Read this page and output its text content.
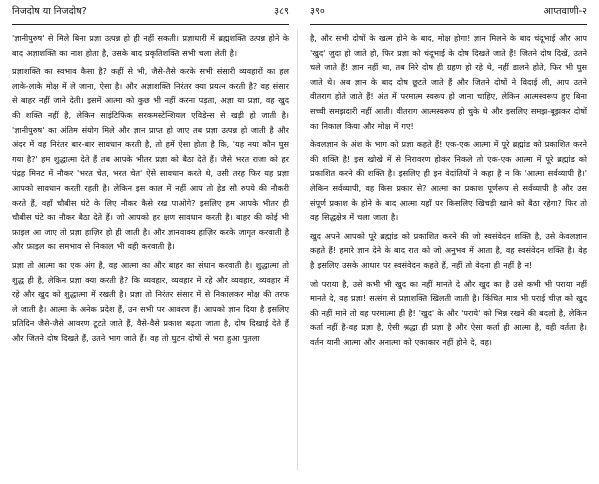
निजदोष या निजदोष?	३८९

'ज्ञानीपुरुष' से मिले बिना प्रज्ञा उत्पन्न हो ही नहीं सकती। प्रज्ञाधारी में ब्रह्मशक्ति उत्पन्न होने के बाद अज्ञाशक्ति का नाश होता है, उसके बाद प्रकृतिशक्ति सभी चला लेती है।

प्रज्ञाशक्ति का स्वभाव कैसा है? कहीं से भी, जैसे-तैसे करके सभी संसारी व्यवहारों का हल लाके-लाके मोक्ष में ले जाना, ऐसा है। और अज्ञाशक्ति निरंतर क्या प्रयत्न करती है? वह संसार से बाहर नहीं जाने देती। इसमें आत्मा को कुछ भी नहीं करना पड़ता, अज्ञा या प्रज्ञा, वह खुद की शक्ति नहीं है, लेकिन साइंटिफिक सरकमस्टेन्शियल एविडेन्स से खड़ी हो जाती है। 'ज्ञानीपुरुष' का अंतिम संयोग मिले और ज्ञान प्राप्त हो जाए तब प्रज्ञा उत्पन्न हो जाती है और अंदर में वह निरंतर बार-बार सावधान करती है, तो हमें ऐसा होता है कि, 'यह नया कौन घुस गया है?' हम शुद्धात्मा देते हैं तब आपके भीतर प्रज्ञा को बैठा देते हैं। जैसे भरत राजा को हर पंद्रह मिनट में नौकर 'भरत चेत, भरत चेत' ऐसे सावधान करते थे, उसी तरह फिर यह प्रज्ञा आपको सावधान करती रहती है। लेकिन इस काल में नहीं आप तो हेड सौ रुपये की नौकरी करते हैं, वहाँ चौबीस घंटे के लिए नौकर कैसे रख पाओगे? इसलिए हम आपके भीतर ही चौबीस घंटे का नौकर बैठा देते हैं। जो आपको हर क्षण सावधान करती है। बाहर की कोई भी फ़ाइल आ जाए तो प्रज्ञा हाज़िर हो ही जाती है। और ज्ञानवाक्य हाज़िर करके जागृत करवाती है और फ़ाइल का समभाव से निकाल भी वही करवाती है।

प्रज्ञा तो आत्मा का एक अंग है, वह आत्मा का और बाहर का संधान करवाती है। शुद्धात्मा तो शुद्ध ही है, लेकिन प्रज्ञा क्या करती है? कि व्यवहार, व्यवहार में रहे और व्यवहार, व्यवहार में रहे और खुद को शुद्धात्मा में रखती है। प्रज्ञा तो निरंतर संसार में से निकालकर मोक्ष की तरफ ले जाती है। आत्मा के अनेक प्रदेश हैं, उन सभी पर आवरण हैं। आपको ज्ञान दिया है इसलिए प्रतिदिन जैसे-जैसे आवरण टूटते जाते हैं, वैसे-वैसे प्रकाश बढ़ता जाता है, दोष दिखाई देते हैं और जितने दोष दिखते हैं, उतने भाग जाते हैं। वह तो घुटन दोषों से भरा हुआ पुतला

३९०	आप्तवाणी-२

है, और सभी दोषों के खत्म होने के बाद, मोक्ष होगा! ज्ञान मिलने के बाद चंदूभाई और आप 'खुद' जुदा हो जाते हो, फिर प्रज्ञा को चंदूभाई के दोष दिखते जाते हैं! जितने दोष दिखें, उतने चले जाते हैं! ज्ञान नहीं था, तब निरे दोष ही ग्रहण हो रहे थे, नहीं डालने होते, फिर भी घुस जाते थे। अब ज्ञान के बाद दोष छूटते जाते हैं और जितने दोषों ने विदाई ली, आप उतने वीतराग होते जाते हैं! अंत में परमात्म स्वरूप हो जाना चाहिए, लेकिन आत्मस्वरूप हुए बिना सच्ची समझदारी नहीं आती। वीतराग आत्मस्वरूप हो चुके थे और इसलिए समझ-बूझकर दोषों का निकाल किया और मोक्ष में गए!

केवलज्ञान के अंश के भाग को प्रज्ञा कहते हैं! एक-एक आत्मा में पूरे ब्रह्मांड को प्रकाशित करने की शक्ति है! इस खोखे में से निरावरण होकर निकले तो एक-एक आत्मा में पूरे ब्रह्मांड को प्रकाशित करने की शक्ति है। इसलिए ही इन वेदांतियों ने कहा है न कि 'आत्मा सर्वव्यापी है।' लेकिन सर्वव्यापी, वह किस प्रकार से? आत्मा का प्रकाश पूर्णरूप से सर्वव्यापी है और उस संपूर्ण प्रकाश के होने के बाद आत्मा यहाँ पर किसलिए खिचड़ी खाने को बैठा रहेगा? फिर तो वह सिद्धक्षेत्र में चला जाता है।

खुद अपने आपको पूरे ब्रह्मांड को प्रकाशित करने की जो स्वसंवेदन शक्ति है, उसे केवलज्ञान कहते हैं! हमारे ज्ञान देने के बाद रात को जो अनुभव में आता है, वह स्वसंवेदन शक्ति है। वेह है इसलिए उसके आधार पर स्वसंवेदन कहते हैं, नहीं तो वेदना ही नहीं है न!

जो पराया है, उसे कभी भी खुद का नहीं मानते दे और खुद का है उसे कभी भी पराया नहीं मानते दे, वह प्रज्ञा! सत्संग से प्रज्ञाशक्ति खिलती जाती है। किंचित मात्र भी पराई चीज़ को खुद की नहीं माने तो वह परमात्मा ही है! 'खुद' के और 'पराये' को भिन्न रखने की बदलो है, लेकिन कर्ता नहीं है-वह प्रज्ञा है, ऐसी श्रद्धा ही प्रज्ञा है और ऐसा कर्ता ही आत्मा है, वही वर्तता है। वर्तन यानी आत्मा और अनात्मा को एकाकार नहीं होने दे, वह।
